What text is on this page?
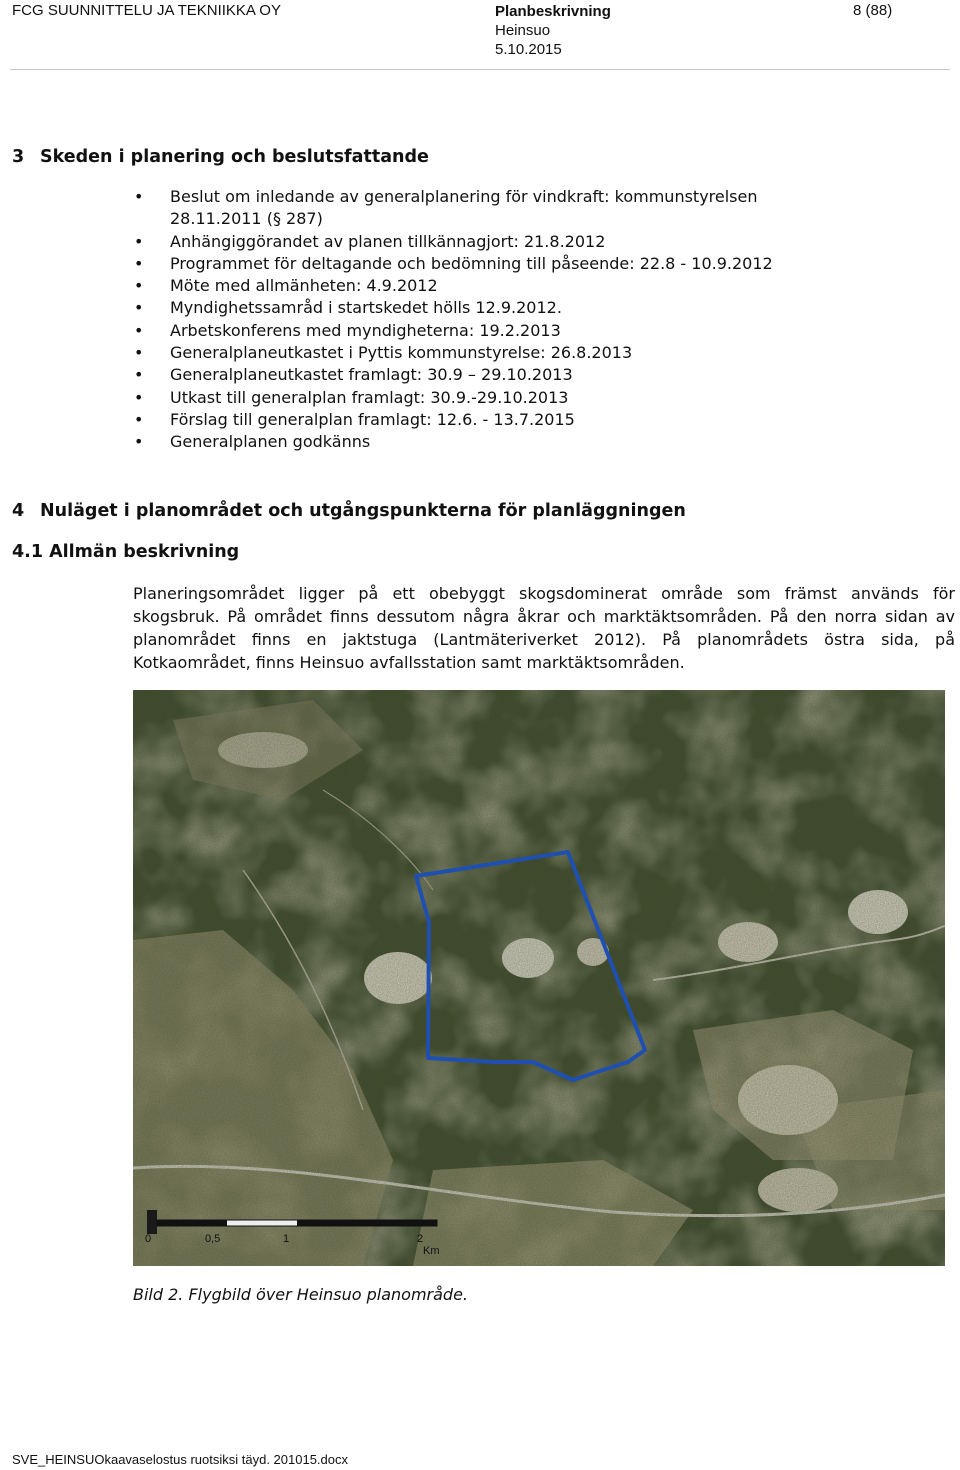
FCG SUUNNITTELU JA TEKNIIKKA OY	Planbeskrivning
Heinsuo
5.10.2015
8 (88)
3 Skeden i planering och beslutsfattande
• Beslut om inledande av generalplanering för vindkraft: kommunstyrelsen
28.11.2011 (§ 287)
• Anhängiggörandet av planen tillkännagjort: 21.8.2012
• Programmet för deltagande och bedömning till påseende: 22.8 - 10.9.2012
• Möte med allmänheten: 4.9.2012
• Myndighetssamråd i startskedet hölls 12.9.2012.
• Arbetskonferens med myndigheterna: 19.2.2013
• Generalplaneutkastet i Pyttis kommunstyrelse: 26.8.2013
• Generalplaneutkastet framlagt: 30.9 – 29.10.2013
• Utkast till generalplan framlagt: 30.9.-29.10.2013
• Förslag till generalplan framlagt: 12.6. - 13.7.2015
• Generalplanen godkänns
4 Nuläget i planområdet och utgångspunkterna för planläggningen
4.1 Allmän beskrivning

Planeringsområdet ligger på ett obebyggt skogsdominerat område som främst används för skogsbruk. På området finns dessutom några åkrar och marktäktsområden. På den norra sidan av planområdet finns en jaktstuga (Lantmäteriverket 2012). På planområdets östra sida, på Kotkaområdet, finns Heinsuo avfallsstation samt marktäktsområden.

0	0,5	1	2
Km
Bild 2. Flygbild över Heinsuo planområde.
SVE_HEINSUOkaavaselostus ruotsiksi täyd. 201015.docx
